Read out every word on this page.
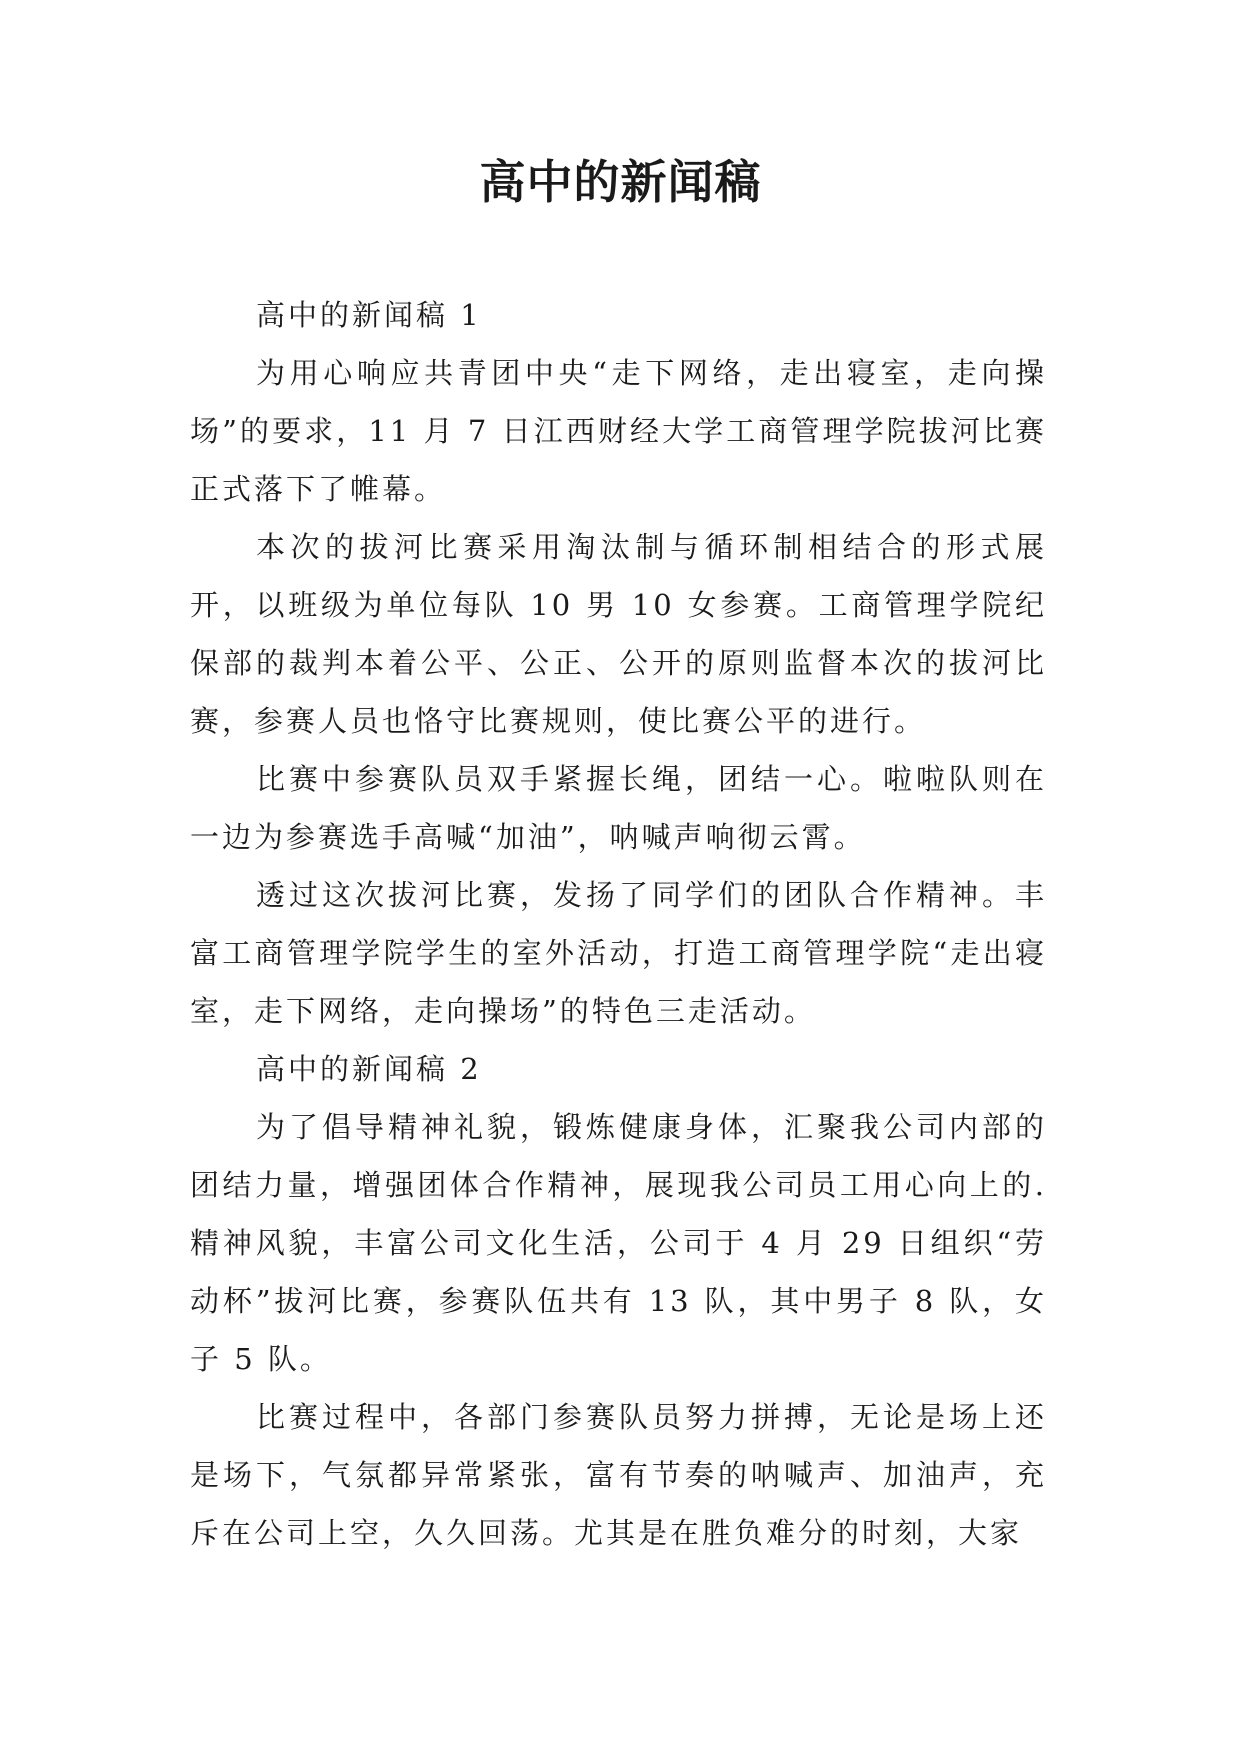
高中的新闻稿

高中的新闻稿 1

为用心响应共青团中央“走下网络，走出寝室，走向操场”的要求，11 月 7 日江西财经大学工商管理学院拔河比赛正式落下了帷幕。

本次的拔河比赛采用淘汰制与循环制相结合的形式展开，以班级为单位每队 10 男 10 女参赛。工商管理学院纪保部的裁判本着公平、公正、公开的原则监督本次的拔河比赛，参赛人员也恪守比赛规则，使比赛公平的进行。

比赛中参赛队员双手紧握长绳，团结一心。啦啦队则在一边为参赛选手高喊“加油”，呐喊声响彻云霄。

透过这次拔河比赛，发扬了同学们的团队合作精神。丰富工商管理学院学生的室外活动，打造工商管理学院“走出寝室，走下网络，走向操场”的特色三走活动。

高中的新闻稿 2

为了倡导精神礼貌，锻炼健康身体，汇聚我公司内部的团结力量，增强团体合作精神，展现我公司员工用心向上的.精神风貌，丰富公司文化生活，公司于 4 月 29 日组织“劳动杯”拔河比赛，参赛队伍共有 13 队，其中男子 8 队，女子 5 队。

比赛过程中，各部门参赛队员努力拼搏，无论是场上还是场下，气氛都异常紧张，富有节奏的呐喊声、加油声，充斥在公司上空，久久回荡。尤其是在胜负难分的时刻，大家
